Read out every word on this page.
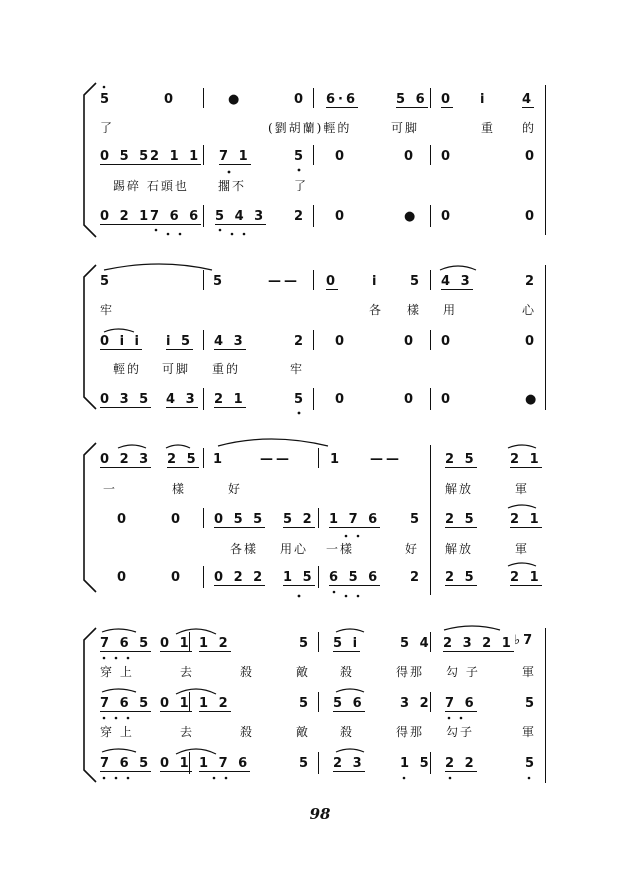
5	0	●	0 6·6	5 6 0 i	4
了	(劉胡蘭)輕的	可脚	重 的
0 5 5
2 1 1 7 1	5 0	0 0	0
踢碎 石頭也 擱不	了
0 2 1
7 6 6 5 4 3 2 0	● 0	0
5	5	—— 0	i 5 4 3	2
牢	各 樣 用	心
0 i i i 5 4 3	2 0	0 0	0
輕的 可脚 重的	牢
0 3 5 4 3 2 1	5 0	0 0	●
0 2 3 2 5 1	——	1 ——	2 5	2 1
一	樣	好	解放	軍
0	0 0 5 5 5 2 1 7 6 5 2 5	2 1
各樣 用心 一樣	好 解放	軍
0	0 0 2 2 1 5 6 5 6 2 2 5	2 1
7 6 5 0 1 1 2	5 5 i	5 4 2 3 2 1 ♭7
穿 上	去	殺	敵 殺	得那 勾 子	軍
7 6 5 0 1 1 2	5 5 6	3 2 7 6	5
穿 上	去	殺	敵 殺	得那 勾子	軍
7 6 5 0 1 1 7 6	5 2 3	1 5 2 2	5
98
